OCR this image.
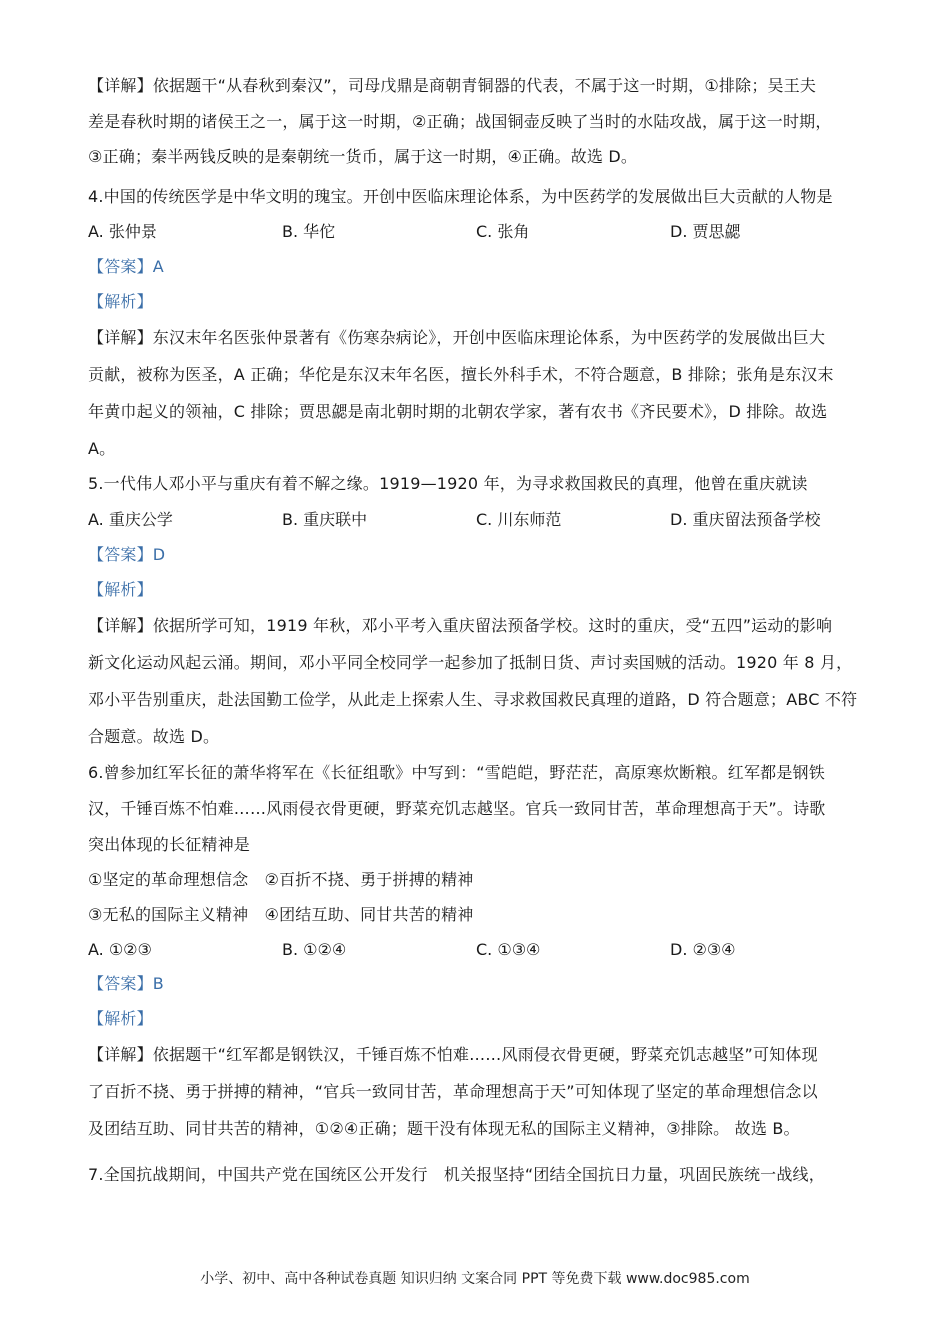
【详解】依据题干“从春秋到秦汉”，司母戊鼎是商朝青铜器的代表，不属于这一时期，①排除；吴王夫
差是春秋时期的诸侯王之一，属于这一时期，②正确；战国铜壶反映了当时的水陆攻战，属于这一时期，
③正确；秦半两钱反映的是秦朝统一货币，属于这一时期，④正确。故选 D。
4.中国的传统医学是中华文明的瑰宝。开创中医临床理论体系，为中医药学的发展做出巨大贡献的人物是
A. 张仲景	B. 华佗	C. 张角	D. 贾思勰
【答案】A
【解析】
【详解】东汉末年名医张仲景著有《伤寒杂病论》，开创中医临床理论体系，为中医药学的发展做出巨大
贡献，被称为医圣，A 正确；华佗是东汉末年名医，擅长外科手术，不符合题意，B 排除；张角是东汉末
年黄巾起义的领袖，C 排除；贾思勰是南北朝时期的北朝农学家，著有农书《齐民要术》，D 排除。故选
A。
5.一代伟人邓小平与重庆有着不解之缘。1919—1920 年，为寻求救国救民的真理，他曾在重庆就读
A. 重庆公学	B. 重庆联中	C. 川东师范	D. 重庆留法预备学校
【答案】D
【解析】
【详解】依据所学可知，1919 年秋，邓小平考入重庆留法预备学校。这时的重庆，受“五四”运动的影响
新文化运动风起云涌。期间，邓小平同全校同学一起参加了抵制日货、声讨卖国贼的活动。1920 年 8 月，
邓小平告别重庆，赴法国勤工俭学，从此走上探索人生、寻求救国救民真理的道路，D 符合题意；ABC 不符
合题意。故选 D。
6.曾参加红军长征的萧华将军在《长征组歌》中写到：“雪皑皑，野茫茫，高原寒炊断粮。红军都是钢铁
汉，千锤百炼不怕难……风雨侵衣骨更硬，野菜充饥志越坚。官兵一致同甘苦，革命理想高于天”。诗歌
突出体现的长征精神是
①坚定的革命理想信念　②百折不挠、勇于拼搏的精神
③无私的国际主义精神　④团结互助、同甘共苦的精神
A. ①②③	B. ①②④	C. ①③④	D. ②③④
【答案】B
【解析】
【详解】依据题干“红军都是钢铁汉，千锤百炼不怕难……风雨侵衣骨更硬，野菜充饥志越坚”可知体现
了百折不挠、勇于拼搏的精神，“官兵一致同甘苦，革命理想高于天”可知体现了坚定的革命理想信念以
及团结互助、同甘共苦的精神，①②④正确；题干没有体现无私的国际主义精神，③排除。 故选 B。
7.全国抗战期间，中国共产党在国统区公开发行　机关报坚持“团结全国抗日力量，巩固民族统一战线，
小学、初中、高中各种试卷真题 知识归纳 文案合同 PPT 等免费下载 www.doc985.com
